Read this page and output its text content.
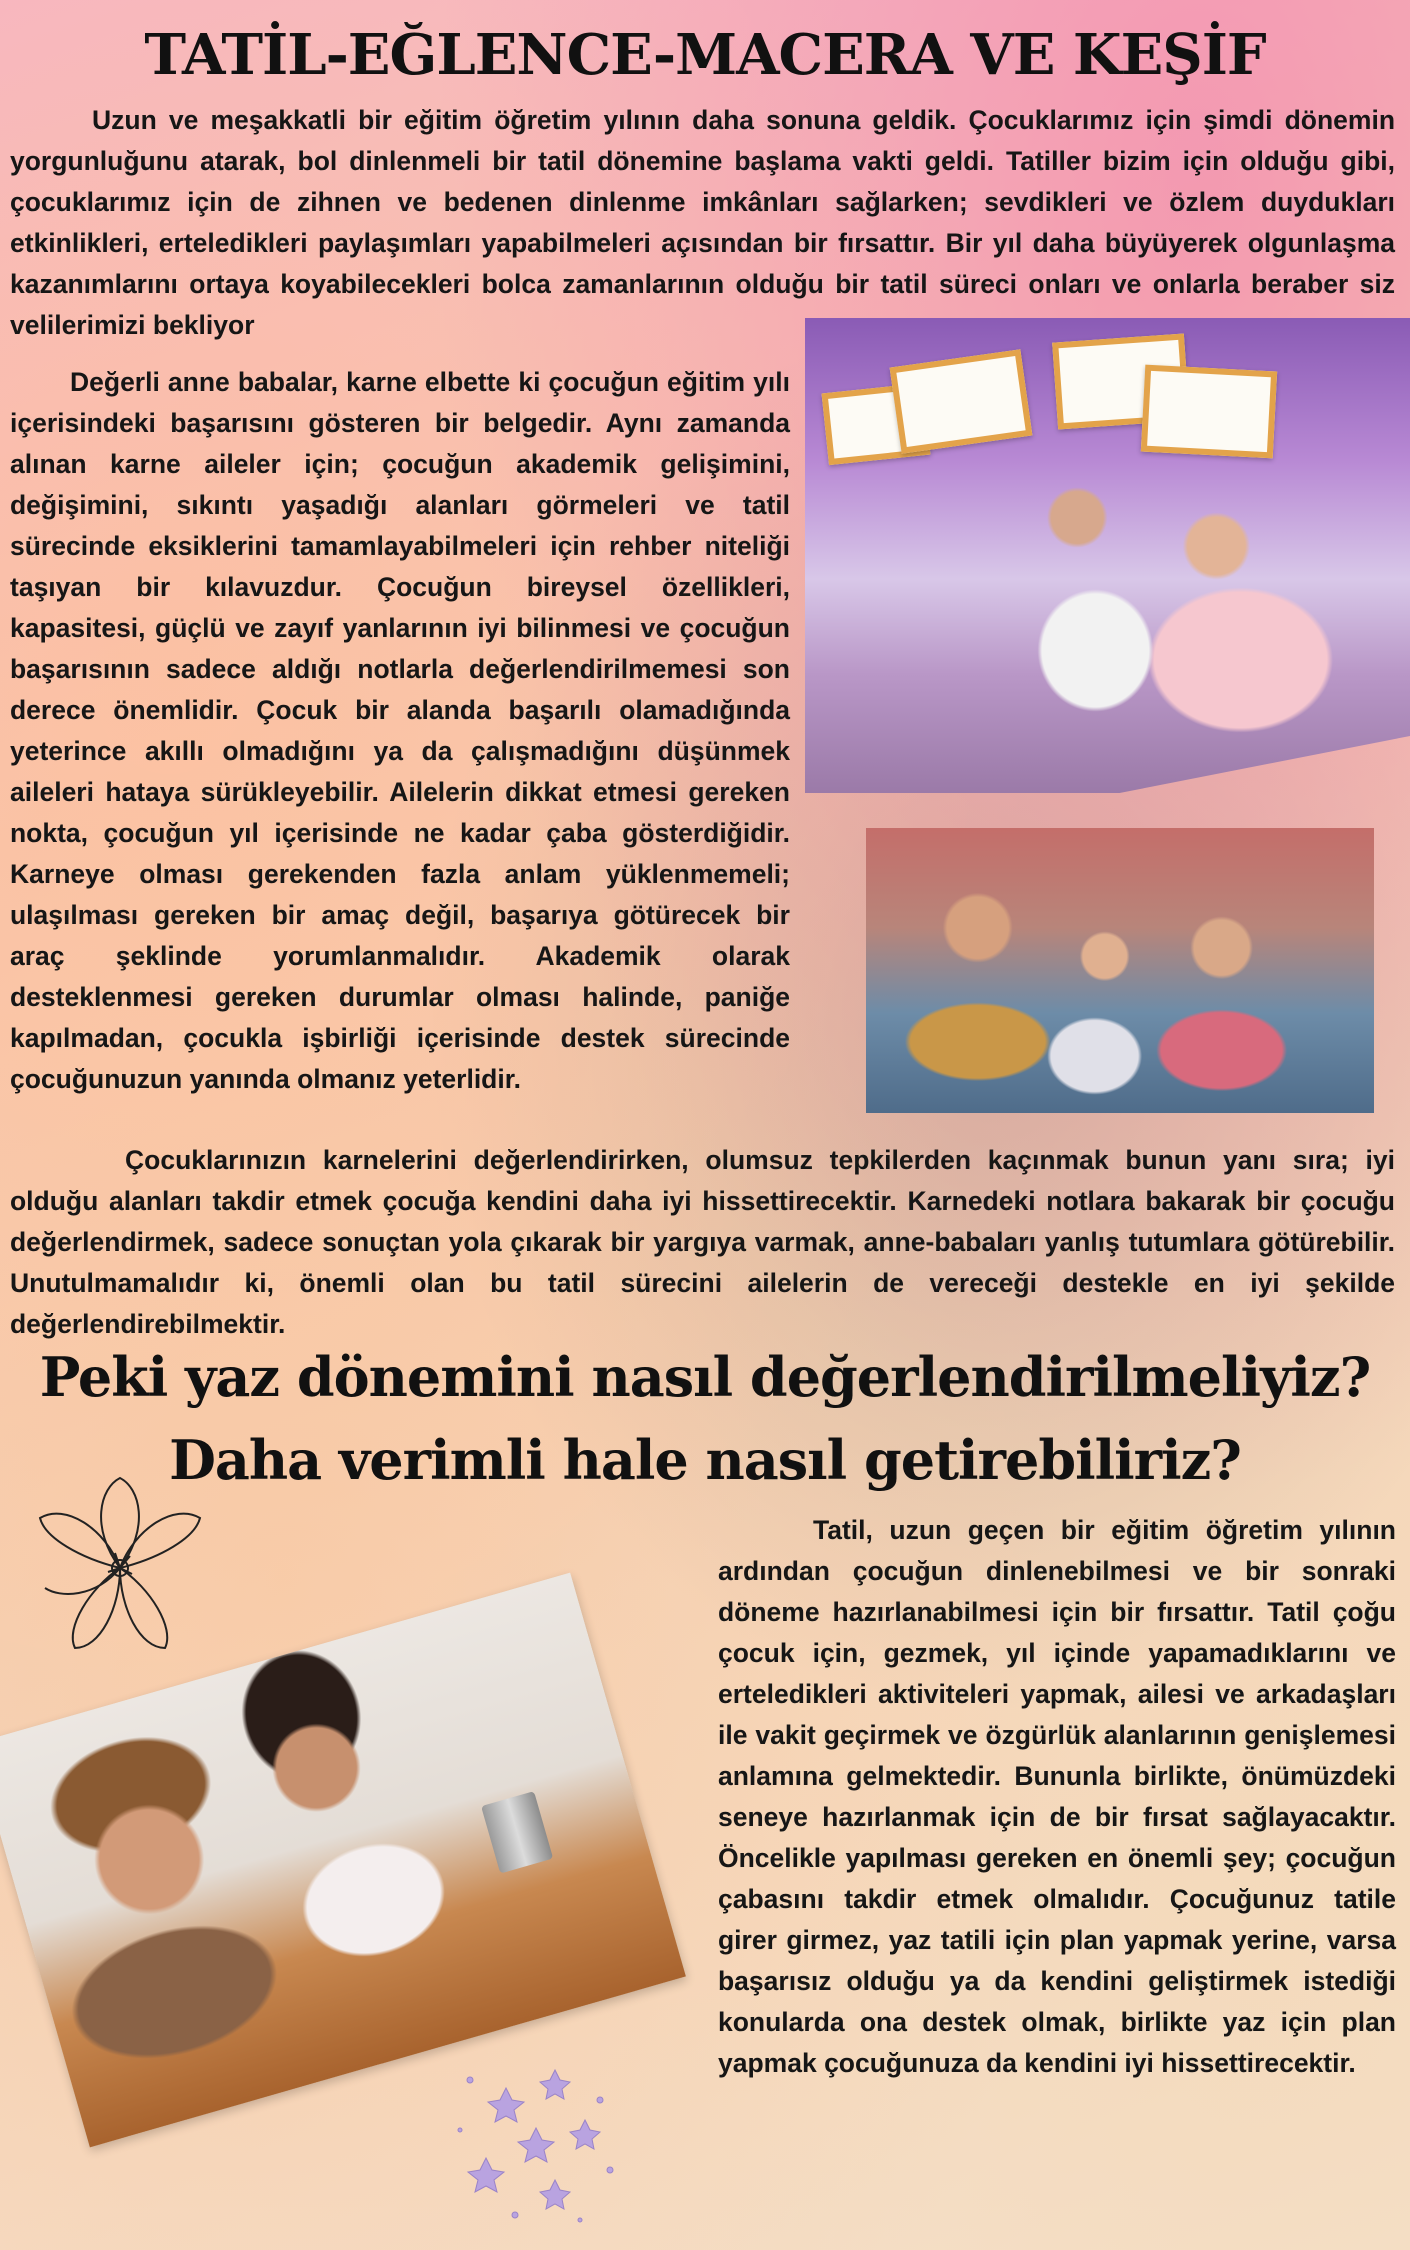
TATİL-EĞLENCE-MACERA VE KEŞİF

Uzun ve meşakkatli bir eğitim öğretim yılının daha sonuna geldik. Çocuklarımız için şimdi dönemin yorgunluğunu atarak, bol dinlenmeli bir tatil dönemine başlama vakti geldi. Tatiller bizim için olduğu gibi, çocuklarımız için de zihnen ve bedenen dinlenme imkânları sağlarken; sevdikleri ve özlem duydukları etkinlikleri, erteledikleri paylaşımları yapabilmeleri açısından bir fırsattır. Bir yıl daha büyüyerek olgunlaşma kazanımlarını ortaya koyabilecekleri bolca zamanlarının olduğu bir tatil süreci onları ve onlarla beraber siz velilerimizi bekliyor

Değerli anne babalar, karne elbette ki çocuğun eğitim yılı içerisindeki başarısını gösteren bir belgedir. Aynı zamanda alınan karne aileler için; çocuğun akademik gelişimini, değişimini, sıkıntı yaşadığı alanları görmeleri ve tatil sürecinde eksiklerini tamamlayabilmeleri için rehber niteliği taşıyan bir kılavuzdur. Çocuğun bireysel özellikleri, kapasitesi, güçlü ve zayıf yanlarının iyi bilinmesi ve çocuğun başarısının sadece aldığı notlarla değerlendirilmemesi son derece önemlidir. Çocuk bir alanda başarılı olamadığında yeterince akıllı olmadığını ya da çalışmadığını düşünmek aileleri hataya sürükleyebilir. Ailelerin dikkat etmesi gereken nokta, çocuğun yıl içerisinde ne kadar çaba gösterdiğidir. Karneye olması gerekenden fazla anlam yüklenmemeli; ulaşılması gereken bir amaç değil, başarıya götürecek bir araç şeklinde yorumlanmalıdır. Akademik olarak desteklenmesi gereken durumlar olması halinde, paniğe kapılmadan, çocukla işbirliği içerisinde destek sürecinde çocuğunuzun yanında olmanız yeterlidir.

Çocuklarınızın karnelerini değerlendirirken, olumsuz tepkilerden kaçınmak bunun yanı sıra; iyi olduğu alanları takdir etmek çocuğa kendini daha iyi hissettirecektir. Karnedeki notlara bakarak bir çocuğu değerlendirmek, sadece sonuçtan yola çıkarak bir yargıya varmak, anne-babaları yanlış tutumlara götürebilir. Unutulmamalıdır ki, önemli olan bu tatil sürecini ailelerin de vereceği destekle en iyi şekilde değerlendirebilmektir.

Peki yaz dönemini nasıl değerlendirilmeliyiz?
Daha verimli hale nasıl getirebiliriz?

Tatil, uzun geçen bir eğitim öğretim yılının ardından çocuğun dinlenebilmesi ve bir sonraki döneme hazırlanabilmesi için bir fırsattır. Tatil çoğu çocuk için, gezmek, yıl içinde yapamadıklarını ve erteledikleri aktiviteleri yapmak, ailesi ve arkadaşları ile vakit geçirmek ve özgürlük alanlarının genişlemesi anlamına gelmektedir. Bununla birlikte, önümüzdeki seneye hazırlanmak için de bir fırsat sağlayacaktır. Öncelikle yapılması gereken en önemli şey; çocuğun çabasını takdir etmek olmalıdır. Çocuğunuz tatile girer girmez, yaz tatili için plan yapmak yerine, varsa başarısız olduğu ya da kendini geliştirmek istediği konularda ona destek olmak, birlikte yaz için plan yapmak çocuğunuza da kendini iyi hissettirecektir.
